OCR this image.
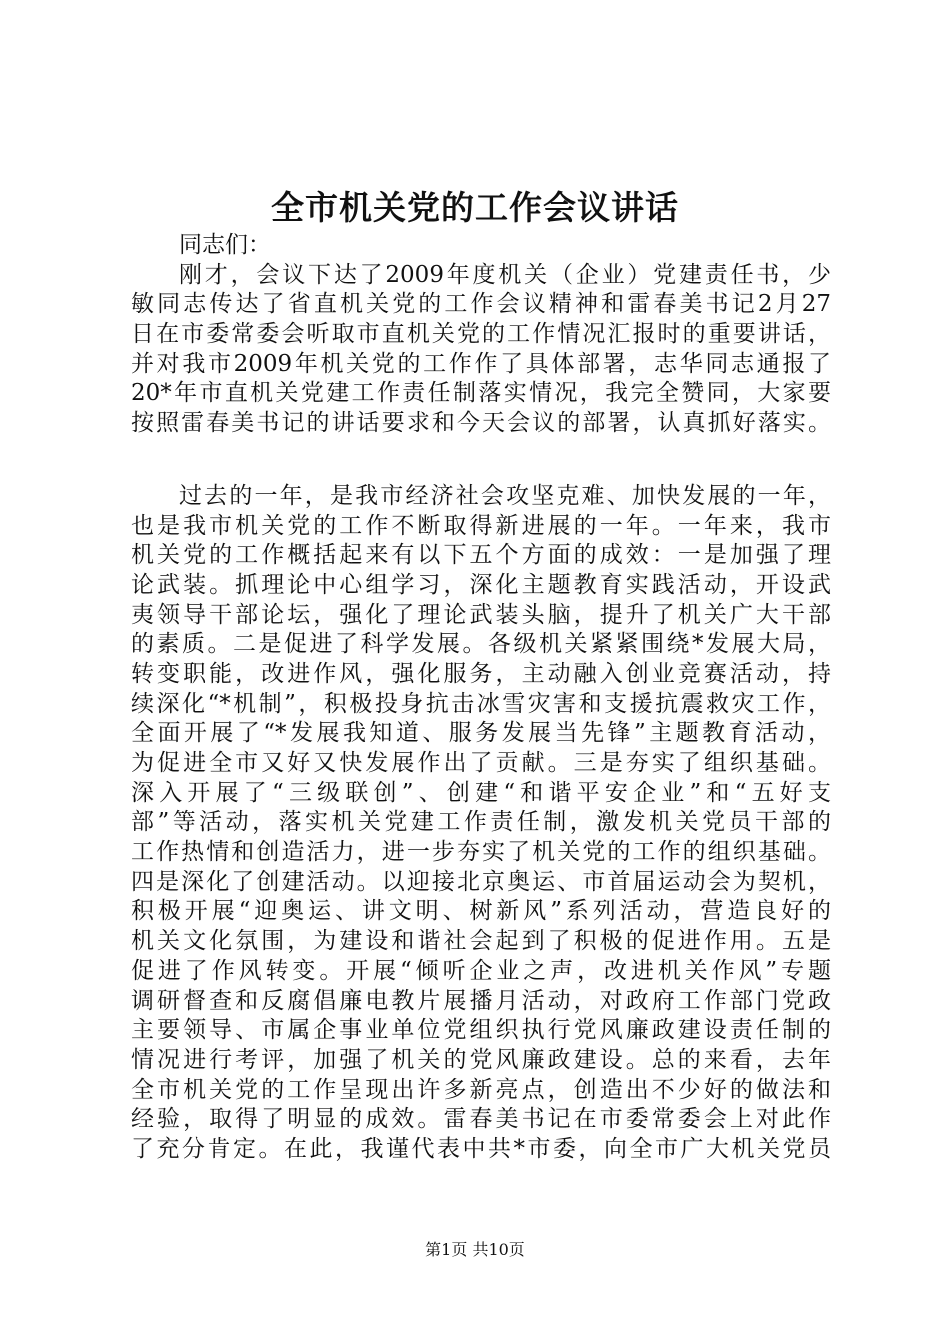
全市机关党的工作会议讲话
同志们：
刚才，会议下达了2009年度机关（企业）党建责任书，少
敏同志传达了省直机关党的工作会议精神和雷春美书记2月27
日在市委常委会听取市直机关党的工作情况汇报时的重要讲话，
并对我市2009年机关党的工作作了具体部署，志华同志通报了
20*年市直机关党建工作责任制落实情况，我完全赞同，大家要
按照雷春美书记的讲话要求和今天会议的部署，认真抓好落实。
过去的一年，是我市经济社会攻坚克难、加快发展的一年，
也是我市机关党的工作不断取得新进展的一年。一年来，我市
机关党的工作概括起来有以下五个方面的成效：一是加强了理
论武装。抓理论中心组学习，深化主题教育实践活动，开设武
夷领导干部论坛，强化了理论武装头脑，提升了机关广大干部
的素质。二是促进了科学发展。各级机关紧紧围绕*发展大局，
转变职能，改进作风，强化服务，主动融入创业竞赛活动，持
续深化“*机制”，积极投身抗击冰雪灾害和支援抗震救灾工作，
全面开展了“*发展我知道、服务发展当先锋”主题教育活动，
为促进全市又好又快发展作出了贡献。三是夯实了组织基础。
深入开展了“三级联创”、创建“和谐平安企业”和“五好支
部”等活动，落实机关党建工作责任制，激发机关党员干部的
工作热情和创造活力，进一步夯实了机关党的工作的组织基础。
四是深化了创建活动。以迎接北京奥运、市首届运动会为契机，
积极开展“迎奥运、讲文明、树新风”系列活动，营造良好的
机关文化氛围，为建设和谐社会起到了积极的促进作用。五是
促进了作风转变。开展“倾听企业之声，改进机关作风”专题
调研督查和反腐倡廉电教片展播月活动，对政府工作部门党政
主要领导、市属企事业单位党组织执行党风廉政建设责任制的
情况进行考评，加强了机关的党风廉政建设。总的来看，去年
全市机关党的工作呈现出许多新亮点，创造出不少好的做法和
经验，取得了明显的成效。雷春美书记在市委常委会上对此作
了充分肯定。在此，我谨代表中共*市委，向全市广大机关党员
第1页 共10页
